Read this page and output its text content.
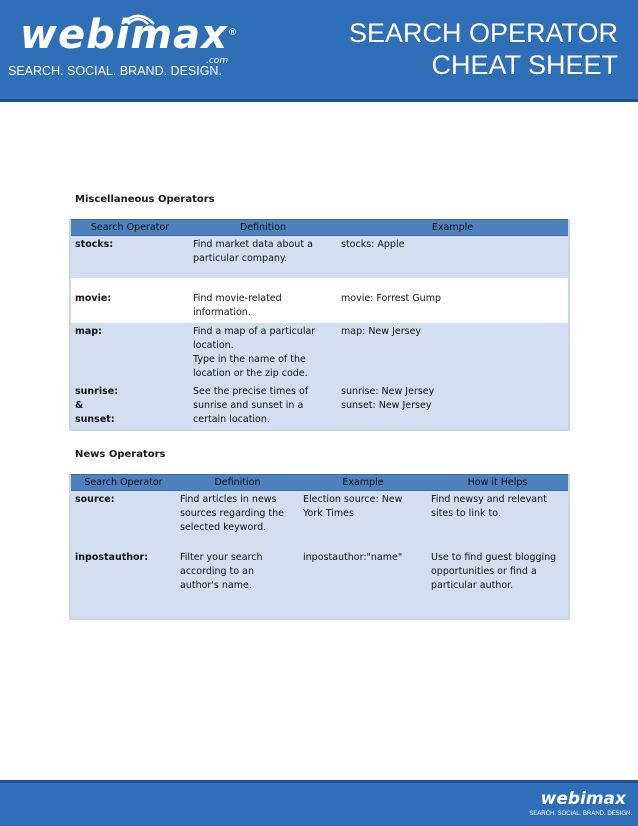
webimax ®
.com
SEARCH. SOCIAL. BRAND. DESIGN.
SEARCH OPERATOR
CHEAT SHEET
Miscellaneous Operators
Search Operator	Definition	Example

stocks:	Find market data about a
particular company.	stocks: Apple

movie:	Find movie-related
information.	movie: Forrest Gump

map:	Find a map of a particular
location.
Type in the name of the
location or the zip code.	map: New Jersey

sunrise:
&
sunset:	See the precise times of
sunrise and sunset in a
certain location.	sunrise: New Jersey
sunset: New Jersey
News Operators
Search Operator	Definition	Example	How it Helps

source:	Find articles in news
sources regarding the
selected keyword.	Election source: New
York Times	Find newsy and relevant
sites to link to.

inpostauthor:	Filter your search
according to an
author's name.	inpostauthor:"name"	Use to find guest blogging
opportunities or find a
particular author.
webimax
SEARCH. SOCIAL. BRAND. DESIGN.
